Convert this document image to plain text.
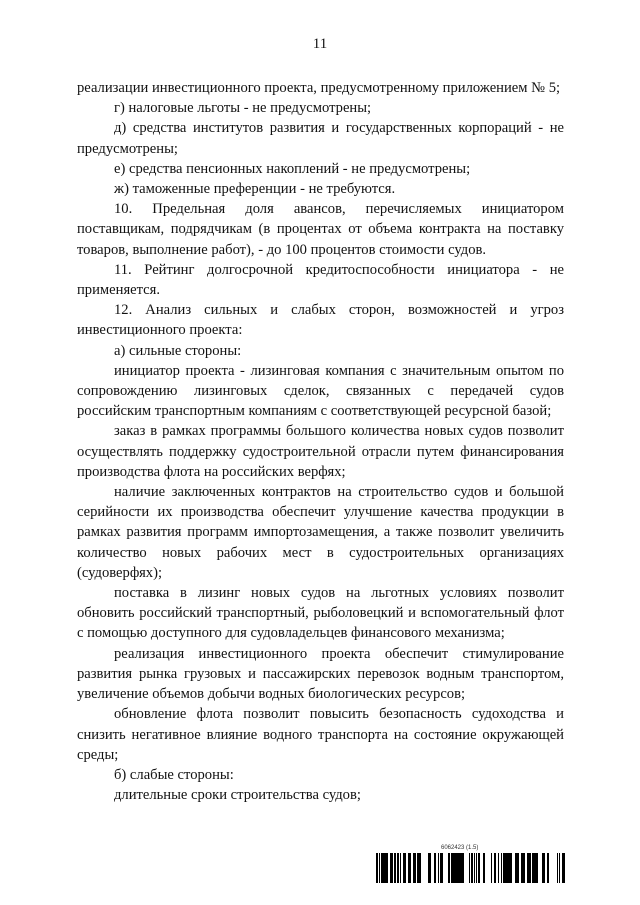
11

реализации инвестиционного проекта, предусмотренному приложением № 5;

г) налоговые льготы - не предусмотрены;

д) средства институтов развития и государственных корпораций - не предусмотрены;

е) средства пенсионных накоплений - не предусмотрены;

ж) таможенные преференции - не требуются.

10. Предельная доля авансов, перечисляемых инициатором поставщикам, подрядчикам (в процентах от объема контракта на поставку товаров, выполнение работ), - до 100 процентов стоимости судов.

11. Рейтинг долгосрочной кредитоспособности инициатора - не применяется.

12. Анализ сильных и слабых сторон, возможностей и угроз инвестиционного проекта:

а) сильные стороны:

инициатор проекта - лизинговая компания с значительным опытом по сопровождению лизинговых сделок, связанных с передачей судов российским транспортным компаниям с соответствующей ресурсной базой;

заказ в рамках программы большого количества новых судов позволит осуществлять поддержку судостроительной отрасли путем финансирования производства флота на российских верфях;

наличие заключенных контрактов на строительство судов и большой серийности их производства обеспечит улучшение качества продукции в рамках развития программ импортозамещения, а также позволит увеличить количество новых рабочих мест в судостроительных организациях (судоверфях);

поставка в лизинг новых судов на льготных условиях позволит обновить российский транспортный, рыболовецкий и вспомогательный флот с помощью доступного для судовладельцев финансового механизма;

реализация инвестиционного проекта обеспечит стимулирование развития рынка грузовых и пассажирских перевозок водным транспортом, увеличение объемов добычи водных биологических ресурсов;

обновление флота позволит повысить безопасность судоходства и снизить негативное влияние водного транспорта на состояние окружающей среды;

б) слабые стороны:

длительные сроки строительства судов;

6062423 (1.5)
